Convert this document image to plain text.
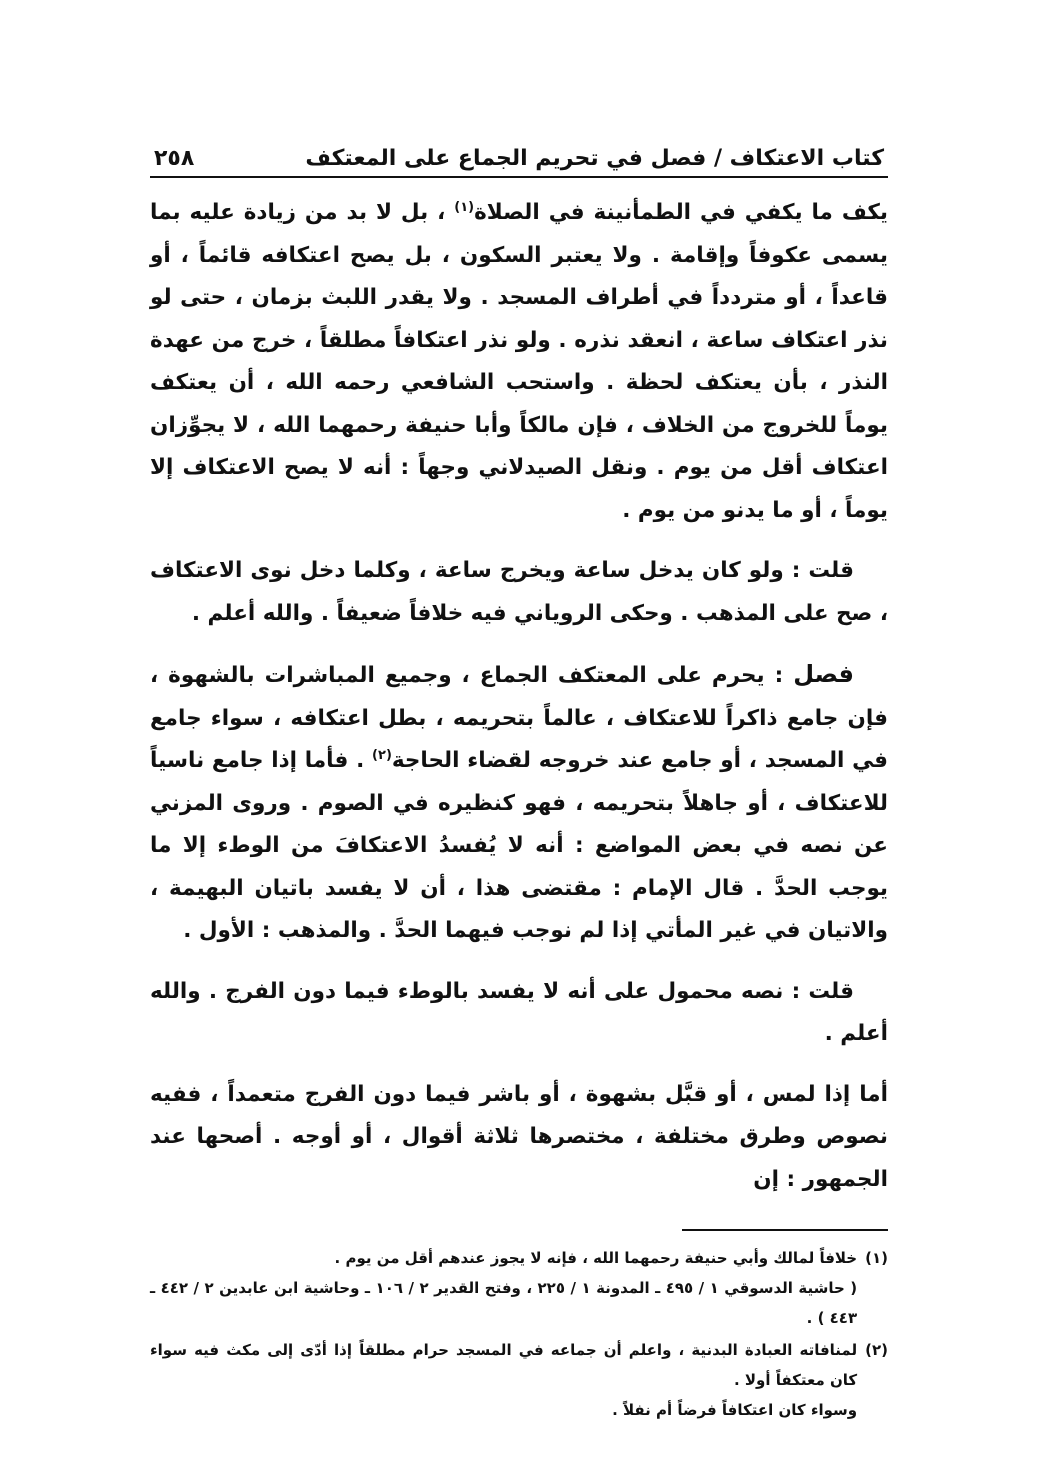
كتاب الاعتكاف / فصل في تحريم الجماع على المعتكف
٢٥٨

يكف ما يكفي في الطمأنينة في الصلاة$^{(١)}$ ، بل لا بد من زيادة عليه بما يسمى عكوفاً وإقامة . ولا يعتبر السكون ، بل يصح اعتكافه قائماً ، أو قاعداً ، أو متردداً في أطراف المسجد . ولا يقدر اللبث بزمان ، حتى لو نذر اعتكاف ساعة ، انعقد نذره . ولو نذر اعتكافاً مطلقاً ، خرج من عهدة النذر ، بأن يعتكف لحظة . واستحب الشافعي رحمه الله ، أن يعتكف يوماً للخروج من الخلاف ، فإن مالكاً وأبا حنيفة رحمهما الله ، لا يجوِّزان اعتكاف أقل من يوم . ونقل الصيدلاني وجهاً : أنه لا يصح الاعتكاف إلا يوماً ، أو ما يدنو من يوم .

قلت : ولو كان يدخل ساعة ويخرج ساعة ، وكلما دخل نوى الاعتكاف ، صح على المذهب . وحكى الروياني فيه خلافاً ضعيفاً . والله أعلم .

فصل : يحرم على المعتكف الجماع ، وجميع المباشرات بالشهوة ، فإن جامع ذاكراً للاعتكاف ، عالماً بتحريمه ، بطل اعتكافه ، سواء جامع في المسجد ، أو جامع عند خروجه لقضاء الحاجة$^{(٢)}$ . فأما إذا جامع ناسياً للاعتكاف ، أو جاهلاً بتحريمه ، فهو كنظيره في الصوم . وروى المزني عن نصه في بعض المواضع : أنه لا يُفسدُ الاعتكافَ من الوطء إلا ما يوجب الحدَّ . قال الإمام : مقتضى هذا ، أن لا يفسد باتيان البهيمة ، والاتيان في غير المأتي إذا لم نوجب فيهما الحدَّ . والمذهب : الأول .

قلت : نصه محمول على أنه لا يفسد بالوطء فيما دون الفرج . والله أعلم .

أما إذا لمس ، أو قبَّل بشهوة ، أو باشر فيما دون الفرج متعمداً ، ففيه نصوص وطرق مختلفة ، مختصرها ثلاثة أقوال ، أو أوجه . أصحها عند الجمهور : إن

(١)
خلافاً لمالك وأبي حنيفة رحمهما الله ، فإنه لا يجوز عندهم أقل من يوم .
( حاشية الدسوقي ١ / ٤٩٥ ـ المدونة ١ / ٢٢٥ ، وفتح القدير ٢ / ١٠٦ ـ وحاشية ابن عابدين ٢ / ٤٤٢ ـ ٤٤٣ ) .
(٢)
لمنافاته العبادة البدنية ، واعلم أن جماعه في المسجد حرام مطلقاً إذا أدّى إلى مكث فيه سواء كان معتكفاً أولا .
وسواء كان اعتكافاً فرضاً أم نفلاً .
